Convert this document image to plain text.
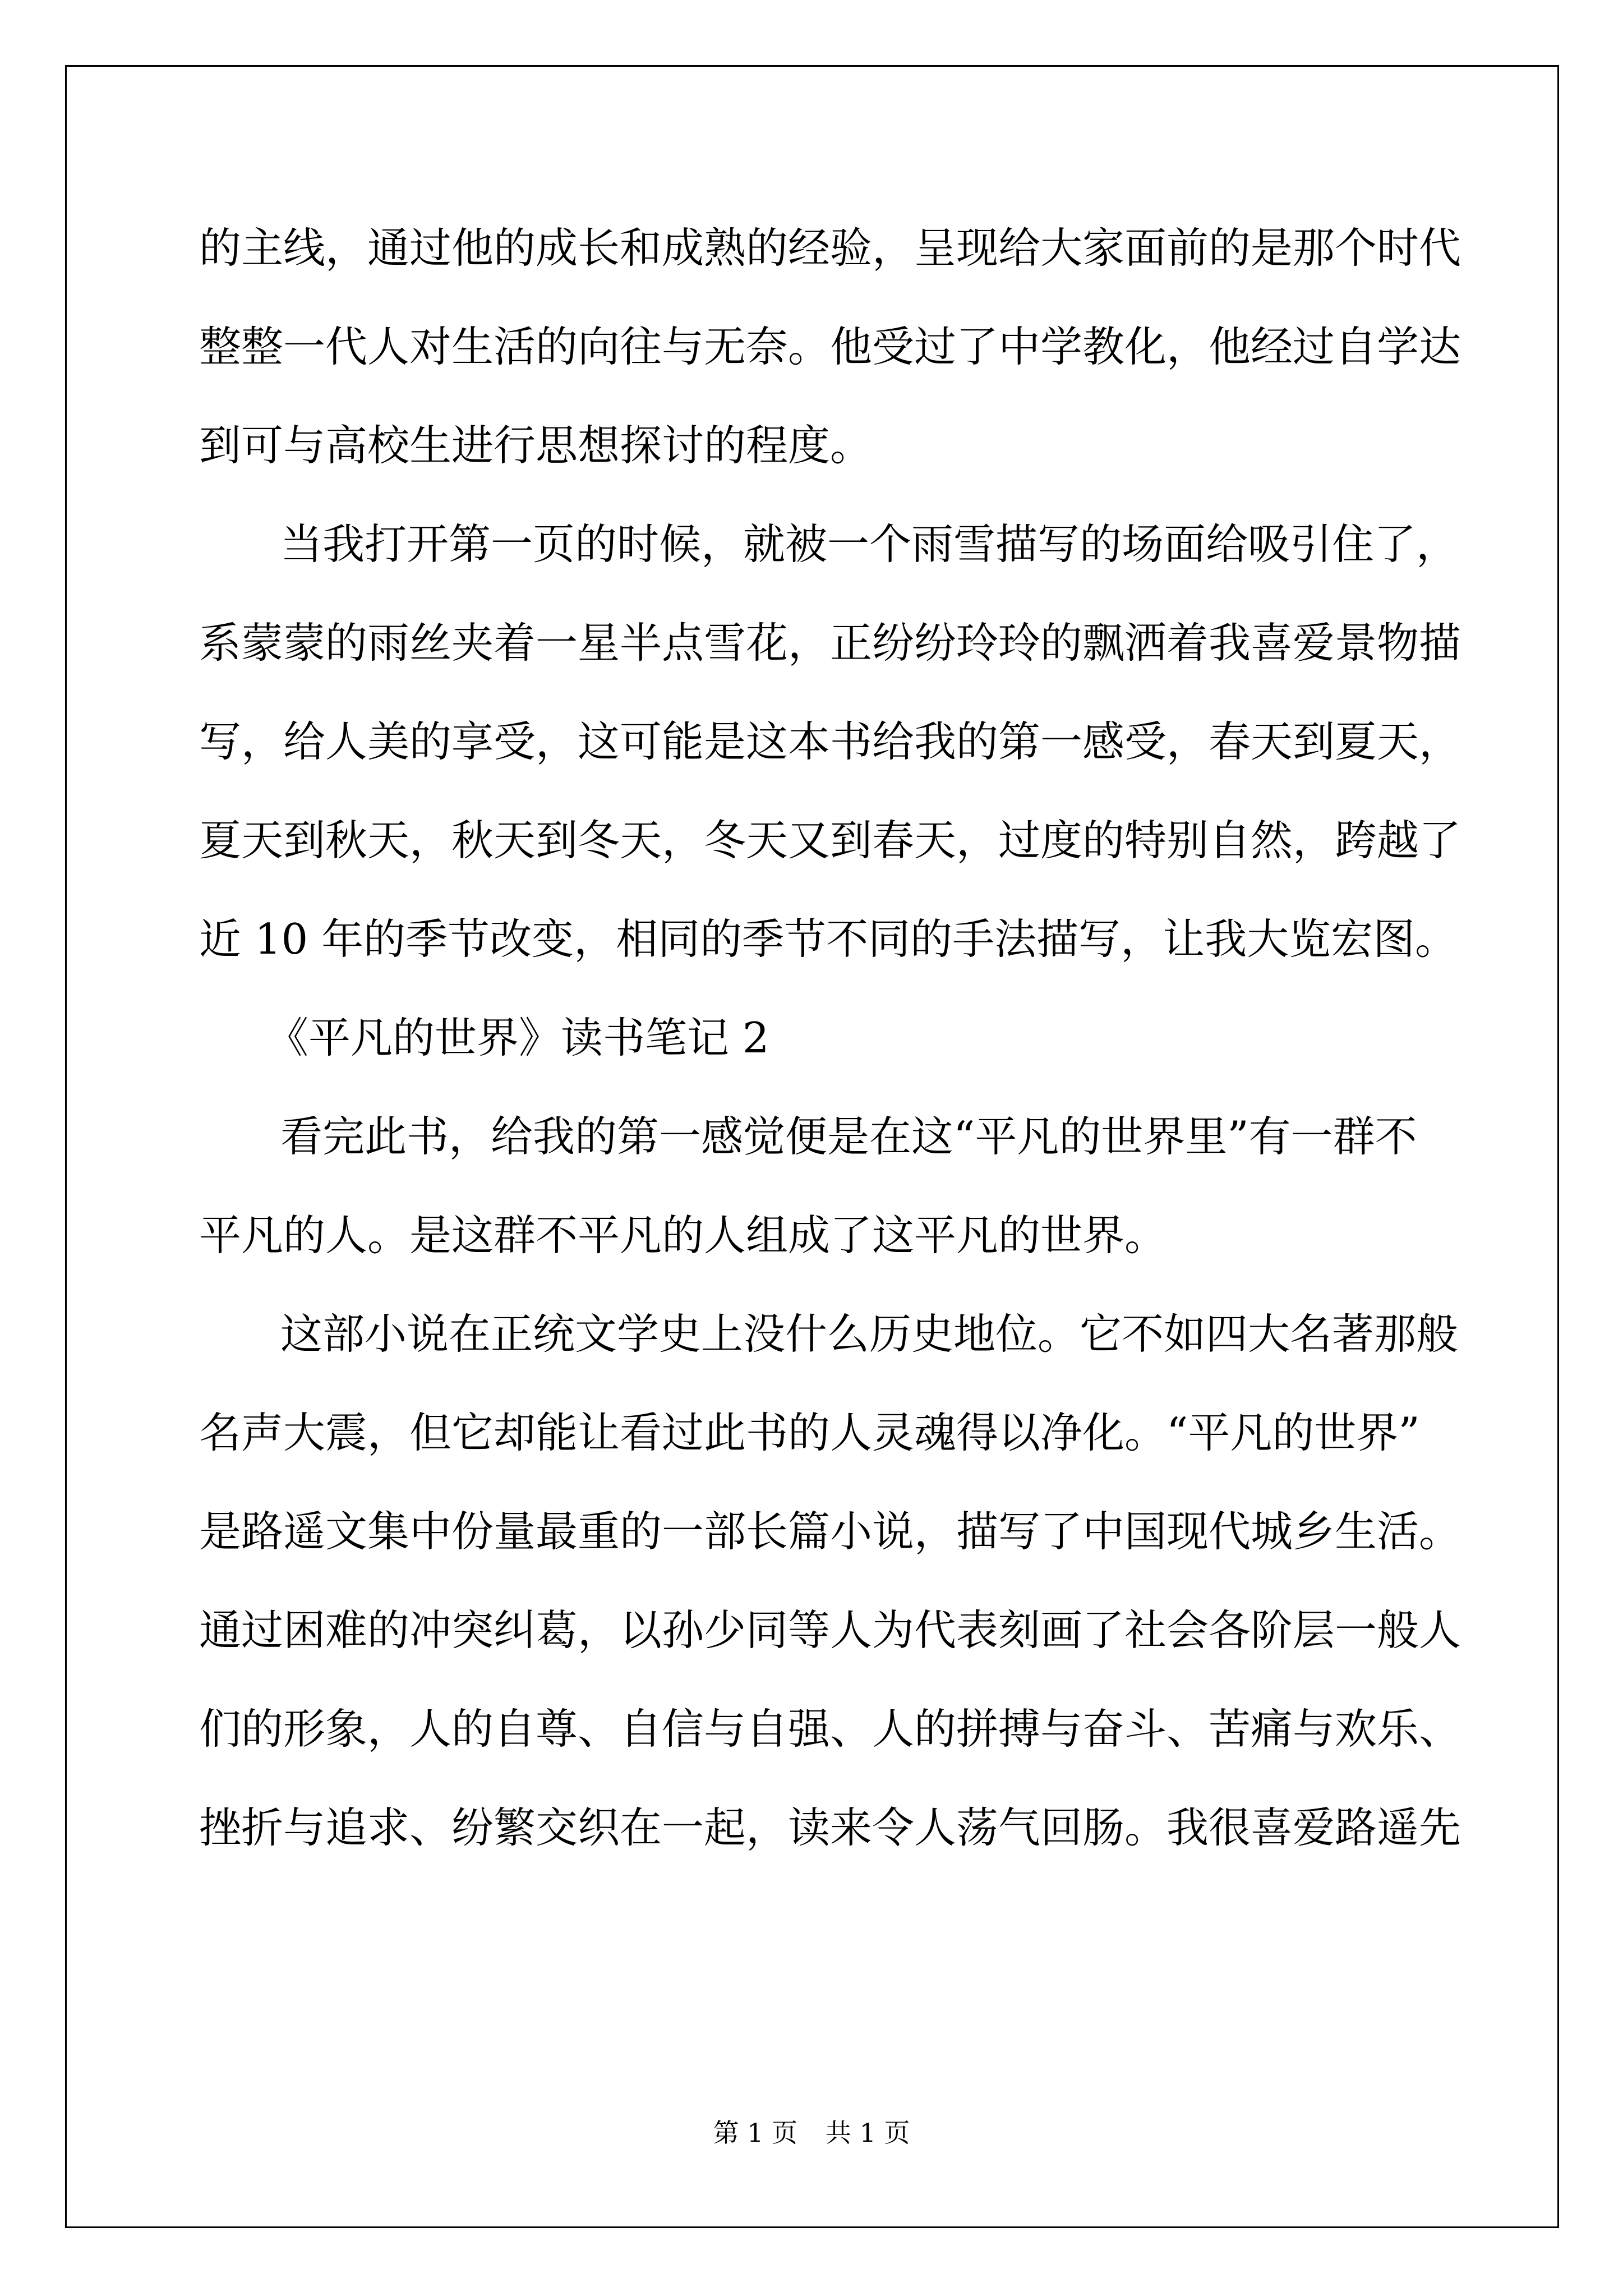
的主线，通过他的成长和成熟的经验，呈现给大家面前的是那个时代
整整一代人对生活的向往与无奈。他受过了中学教化，他经过自学达
到可与高校生进行思想探讨的程度。
当我打开第一页的时候，就被一个雨雪描写的场面给吸引住了，
系蒙蒙的雨丝夹着一星半点雪花，正纷纷玲玲的飘洒着我喜爱景物描
写，给人美的享受，这可能是这本书给我的第一感受，春天到夏天，
夏天到秋天，秋天到冬天，冬天又到春天，过度的特别自然，跨越了
近 10 年的季节改变，相同的季节不同的手法描写，让我大览宏图。
《平凡的世界》读书笔记 2
看完此书，给我的第一感觉便是在这“平凡的世界里”有一群不
平凡的人。是这群不平凡的人组成了这平凡的世界。
这部小说在正统文学史上没什么历史地位。它不如四大名著那般
名声大震，但它却能让看过此书的人灵魂得以净化。“平凡的世界”
是路遥文集中份量最重的一部长篇小说，描写了中国现代城乡生活。
通过困难的冲突纠葛，以孙少同等人为代表刻画了社会各阶层一般人
们的形象，人的自尊、自信与自强、人的拼搏与奋斗、苦痛与欢乐、
挫折与追求、纷繁交织在一起，读来令人荡气回肠。我很喜爱路遥先
第 1 页 共 1 页
